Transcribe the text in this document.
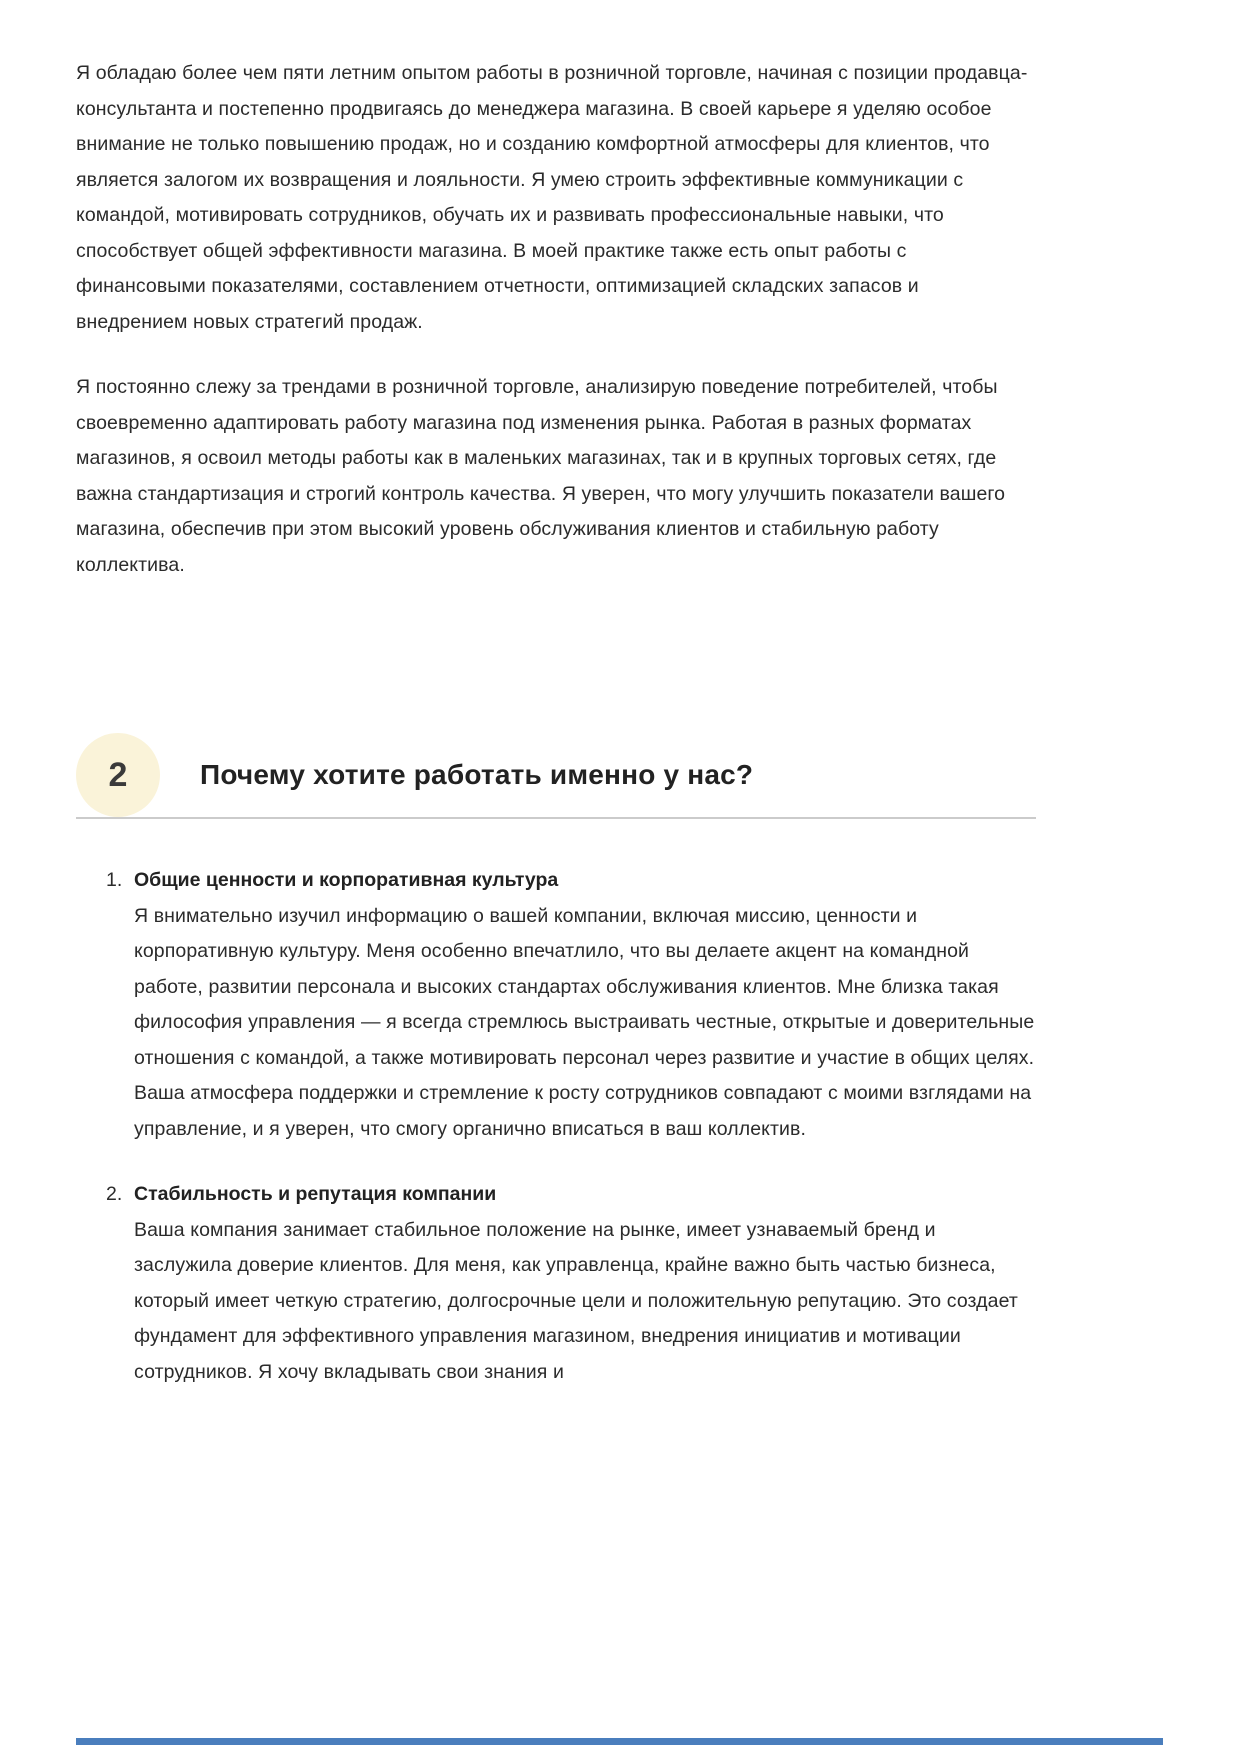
Я обладаю более чем пяти летним опытом работы в розничной торговле, начиная с позиции продавца-консультанта и постепенно продвигаясь до менеджера магазина. В своей карьере я уделяю особое внимание не только повышению продаж, но и созданию комфортной атмосферы для клиентов, что является залогом их возвращения и лояльности. Я умею строить эффективные коммуникации с командой, мотивировать сотрудников, обучать их и развивать профессиональные навыки, что способствует общей эффективности магазина. В моей практике также есть опыт работы с финансовыми показателями, составлением отчетности, оптимизацией складских запасов и внедрением новых стратегий продаж.

Я постоянно слежу за трендами в розничной торговле, анализирую поведение потребителей, чтобы своевременно адаптировать работу магазина под изменения рынка. Работая в разных форматах магазинов, я освоил методы работы как в маленьких магазинах, так и в крупных торговых сетях, где важна стандартизация и строгий контроль качества. Я уверен, что могу улучшить показатели вашего магазина, обеспечив при этом высокий уровень обслуживания клиентов и стабильную работу коллектива.

2	Почему хотите работать именно у нас?
1. Общие ценности и корпоративная культура
Я внимательно изучил информацию о вашей компании, включая миссию, ценности и корпоративную культуру. Меня особенно впечатлило, что вы делаете акцент на командной работе, развитии персонала и высоких стандартах обслуживания клиентов. Мне близка такая философия управления — я всегда стремлюсь выстраивать честные, открытые и доверительные отношения с командой, а также мотивировать персонал через развитие и участие в общих целях. Ваша атмосфера поддержки и стремление к росту сотрудников совпадают с моими взглядами на управление, и я уверен, что смогу органично вписаться в ваш коллектив.
2. Стабильность и репутация компании
Ваша компания занимает стабильное положение на рынке, имеет узнаваемый бренд и заслужила доверие клиентов. Для меня, как управленца, крайне важно быть частью бизнеса, который имеет четкую стратегию, долгосрочные цели и положительную репутацию. Это создает фундамент для эффективного управления магазином, внедрения инициатив и мотивации сотрудников. Я хочу вкладывать свои знания и
